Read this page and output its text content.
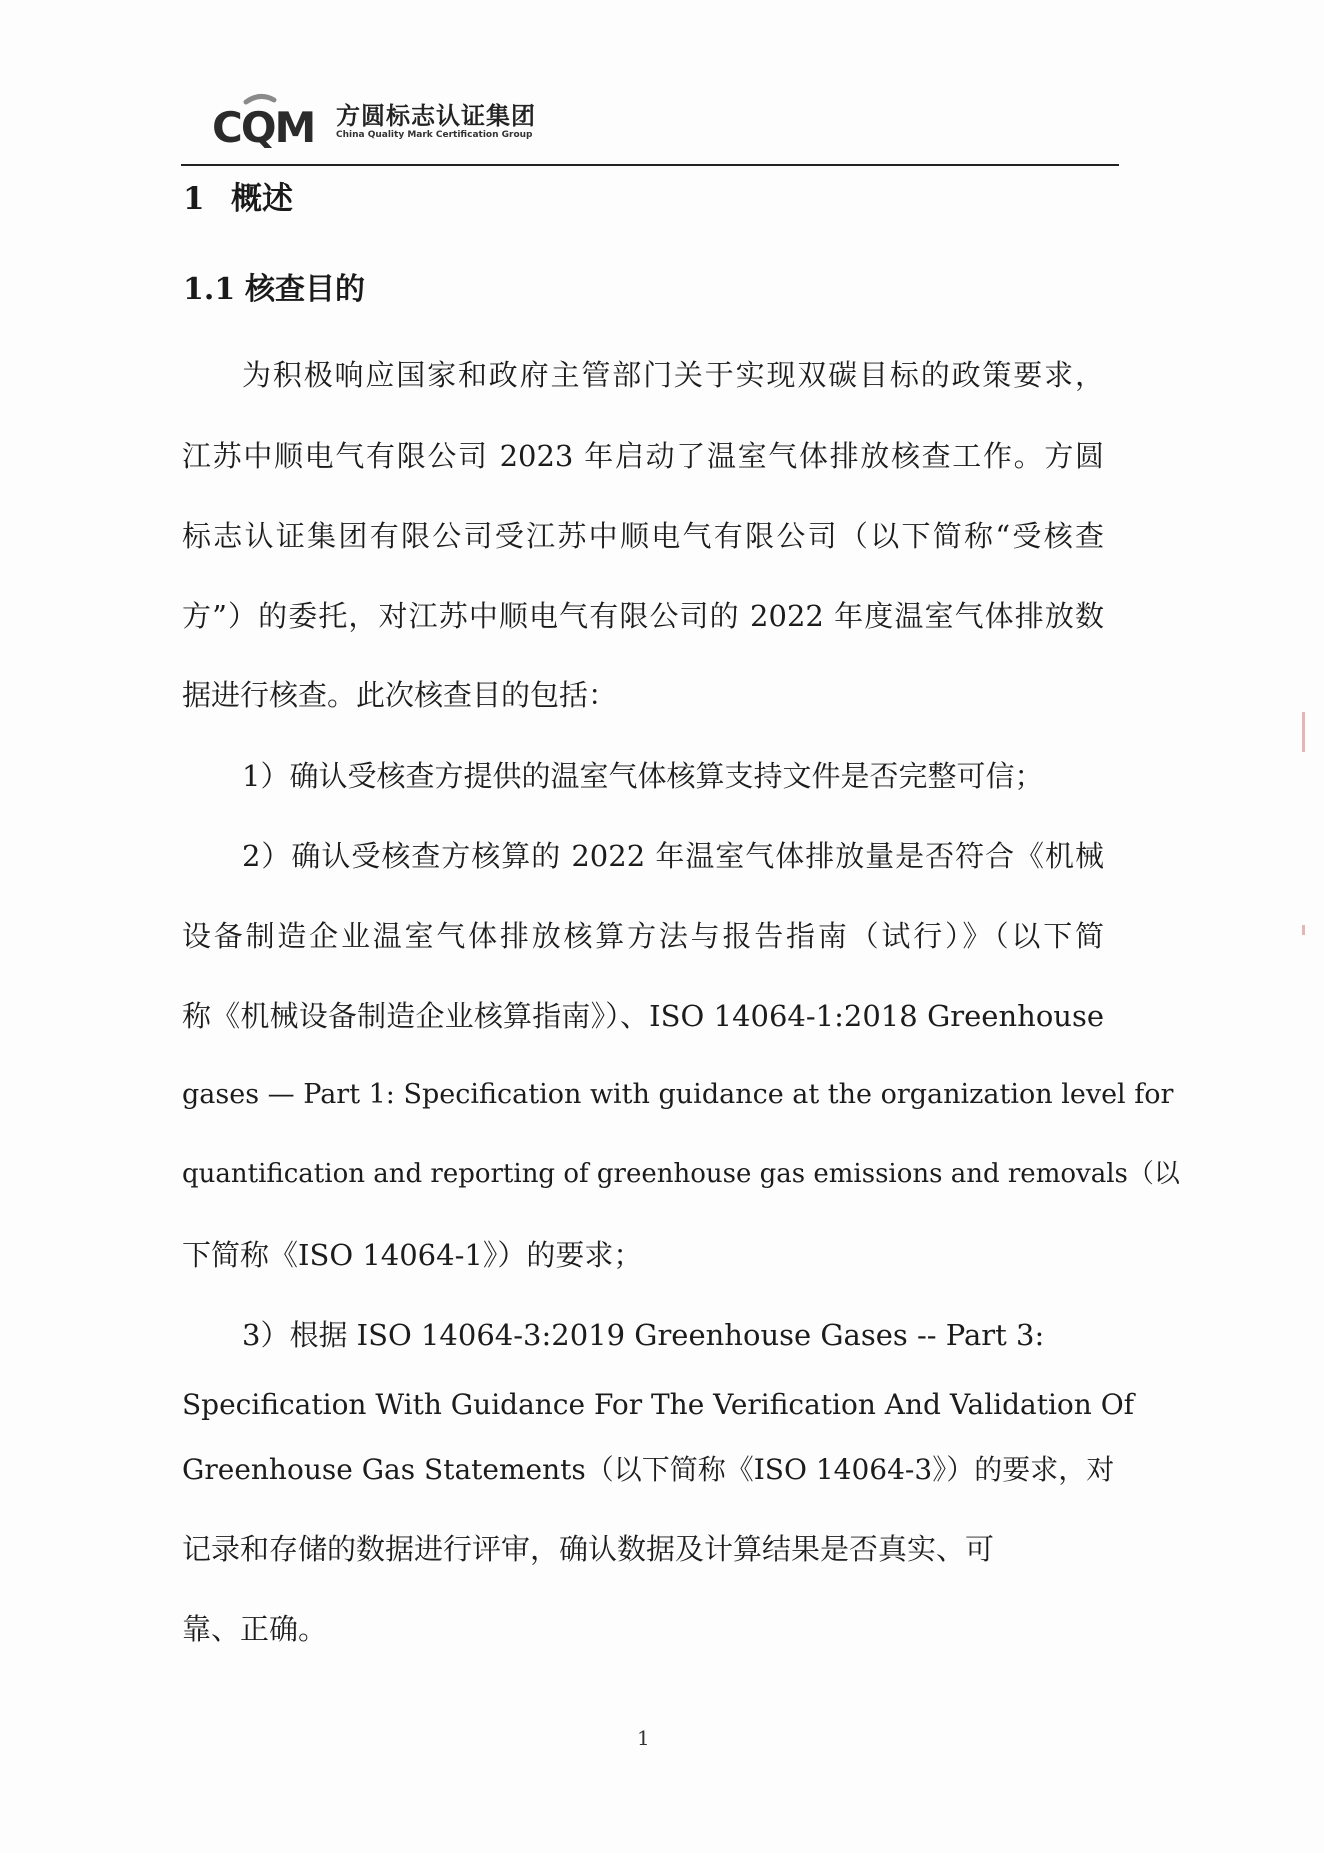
CQM 方圆标志认证集团
China Quality Mark Certification Group
1 概述
1.1 核查目的
为积极响应国家和政府主管部门关于实现双碳目标的政策要求，
江苏中顺电气有限公司 2023 年启动了温室气体排放核查工作。方圆
标志认证集团有限公司受江苏中顺电气有限公司（以下简称“受核查
方”）的委托，对江苏中顺电气有限公司的 2022 年度温室气体排放数
据进行核查。此次核查目的包括：
1）确认受核查方提供的温室气体核算支持文件是否完整可信；
2）确认受核查方核算的 2022 年温室气体排放量是否符合《机械
设备制造企业温室气体排放核算方法与报告指南（试行）》（以下简
称《机械设备制造企业核算指南》）、ISO 14064-1:2018 Greenhouse
gases — Part 1: Specification with guidance at the organization level for
quantification and reporting of greenhouse gas emissions and removals（以
下简称《ISO 14064-1》）的要求；
3）根据 ISO 14064-3:2019 Greenhouse Gases -- Part 3:
Specification With Guidance For The Verification And Validation Of
Greenhouse Gas Statements（以下简称《ISO 14064-3》）的要求，对
记录和存储的数据进行评审，确认数据及计算结果是否真实、可
靠、正确。
1
